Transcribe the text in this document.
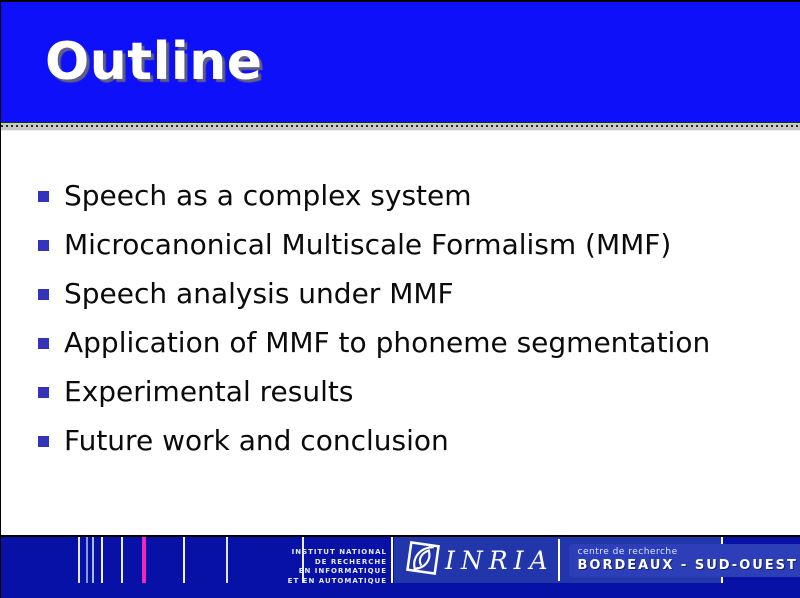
Outline
Speech as a complex system
Microcanonical Multiscale Formalism (MMF)
Speech analysis under MMF
Application of MMF to phoneme segmentation
Experimental results
Future work and conclusion
INSTITUT NATIONAL
DE RECHERCHE
EN INFORMATIQUE
ET EN AUTOMATIQUE
INRIA	centre de recherche
BORDEAUX - SUD-OUEST
